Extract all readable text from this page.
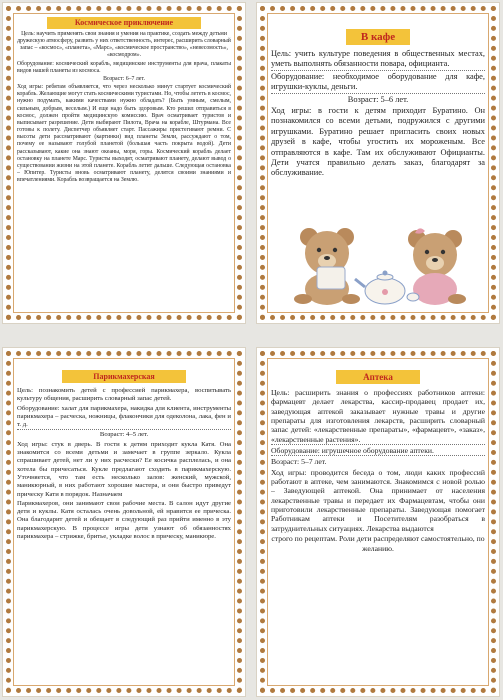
Космическое приключение

Цель: научить применять свои знания и умения на практике, создать между детьми дружескую атмосферу, развить у них ответственность, интерес, расширить словарный запас – «космос», «планета», «Марс», «космическое пространство», «невесомость», «космодром».

Оборудование: космический корабль, медицинские инструменты для врача, плакаты видов нашей планеты из космоса.

Возраст: 6–7 лет.

Ход игры: ребятам объявляется, что через несколько минут стартует космический корабль. Желающие могут стать космическими туристами. Но, чтобы лететь в космос, нужно подумать, какими качествами нужно обладать? (Быть умным, смелым, сильным, добрым, веселым.) И еще надо быть здоровым. Кто решил отправиться в космос, должен пройти медицинскую комиссию. Врач осматривает туристов и выписывает разрешение. Дети выбирают Пилота, Врача на корабле, Штурмана. Все готовы к полету. Диспетчер объявляет старт. Пассажиры пристегивают ремни. С высоты дети рассматривают (картинки) вид планеты Земли, рассуждают о том, почему ее называют голубой планетой (большая часть покрыта водой). Дети рассказывают, какие она знают океаны, моря, горы. Космический корабль делает остановку на планете Марс. Туристы выходят, осматривают планету, делают вывод о существовании жизни на этой планете. Корабль летит дальше. Следующая остановка – Юпитер. Туристы вновь осматривают планету, делятся своими знаниями и впечатлениями. Корабль возвращается на Землю.

В кафе

Цель: учить культуре поведения в общественных местах, уметь выполнять обязанности повара, официанта.

Оборудование: необходимое оборудование для кафе, игрушки-куклы, деньги.

Возраст: 5–6 лет.

Ход игры: в гости к детям приходит Буратино. Он познакомился со всеми детьми, подружился с другими игрушками. Буратино решает пригласить своих новых друзей в кафе, чтобы угостить их мороженым. Все отправляются в кафе. Там их обслуживают Официанты. Дети учатся правильно делать заказ, благодарят за обслуживание.

Парикмахерская

Цель: познакомить детей с профессией парикмахера, воспитывать культуру общения, расширить словарный запас детей.

Оборудование: халат для парикмахера, накидка для клиента, инструменты парикмахера – расческа, ножницы, флакончики для одеколона, лака, фен и т. д.

Возраст: 4–5 лет.

Ход игры: стук в дверь. В гости к детям приходит кукла Катя. Она знакомится со всеми детьми и замечает в группе зеркало. Кукла спрашивает детей, нет ли у них расчески? Ее косичка расплелась, и она хотела бы причесаться. Кукле предлагают сходить в парикмахерскую. Уточняется, что там есть несколько залов: женский, мужской, маникюрный, в них работают хорошие мастера, и они быстро приведут прическу Кати в порядок. Назначаем

Парикмахеров, они занимают свои рабочие места. В салон идут другие дети и куклы. Катя осталась очень довольной, ей нравится ее прическа. Она благодарит детей и обещает в следующий раз прийти именно в эту парикмахерскую. В процессе игры дети узнают об обязанностях парикмахера – стрижке, бритье, укладке волос в прическу, маникюре.

Аптека

Цель: расширить знания о профессиях работников аптеки: фармацевт делает лекарства, кассир-продавец продает их, заведующая аптекой заказывает нужные травы и другие препараты для изготовления лекарств, расширить словарный запас детей: «лекарственные препараты», «фармацевт», «заказ», «лекарственные растения».

Оборудование: игрушечное оборудование аптеки.

Возраст: 5–7 лет.

Ход игры: проводится беседа о том, люди каких профессий работают в аптеке, чем занимаются. Знакомимся с новой ролью – Заведующей аптекой. Она принимает от населения лекарственные травы и передает их Фармацевтам, чтобы они приготовили лекарственные препараты. Заведующая помогает Работникам аптеки и Посетителям разобраться в затруднительных ситуациях. Лекарства выдаются

строго по рецептам. Роли дети распределяют самостоятельно, по желанию.
